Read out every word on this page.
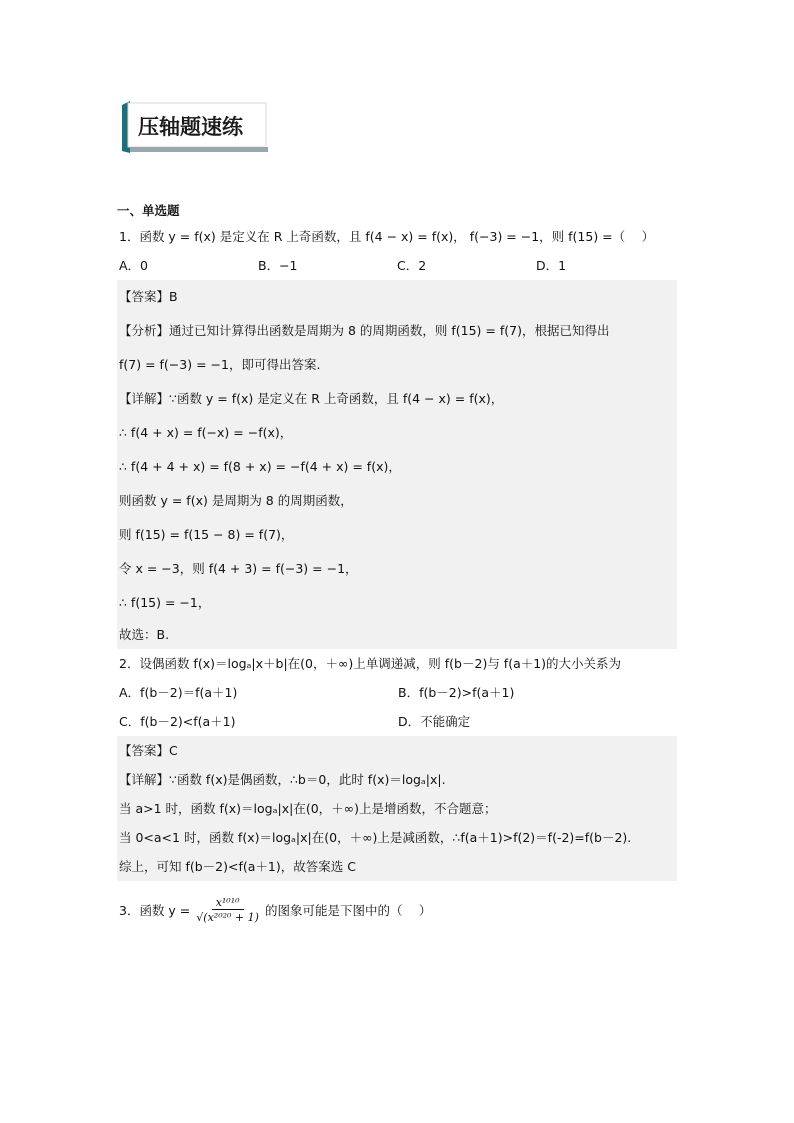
压轴题速练
一、单选题
1．函数 y = f(x) 是定义在 R 上奇函数，且 f(4 − x) = f(x)， f(−3) = −1，则 f(15) =（　 ）
A．0	B．−1	C．2	D．1
【答案】B
【分析】通过已知计算得出函数是周期为 8 的周期函数，则 f(15) = f(7)，根据已知得出
f(7) = f(−3) = −1，即可得出答案.
【详解】∵函数 y = f(x) 是定义在 R 上奇函数，且 f(4 − x) = f(x)，
∴ f(4 + x) = f(−x) = −f(x)，
∴ f(4 + 4 + x) = f(8 + x) = −f(4 + x) = f(x)，
则函数 y = f(x) 是周期为 8 的周期函数，
则 f(15) = f(15 − 8) = f(7)，
令 x = −3，则 f(4 + 3) = f(−3) = −1，
∴ f(15) = −1，
故选：B.
2．设偶函数 f(x)＝logₐ|x＋b|在(0，＋∞)上单调递减，则 f(b－2)与 f(a＋1)的大小关系为
A．f(b－2)＝f(a＋1)	B．f(b－2)>f(a＋1)
C．f(b－2)<f(a＋1)	D．不能确定
【答案】C
【详解】∵函数 f(x)是偶函数，∴b＝0，此时 f(x)＝logₐ|x|.
当 a>1 时，函数 f(x)＝logₐ|x|在(0，＋∞)上是增函数，不合题意；
当 0<a<1 时，函数 f(x)＝logₐ|x|在(0，＋∞)上是减函数，∴f(a＋1)>f(2)＝f(-2)=f(b－2).
综上，可知 f(b－2)<f(a＋1)，故答案选 C
3．函数 $y = \frac{\text{x¹⁰¹⁰}}{\text{√(x²⁰²⁰ + 1)}}$ 的图象可能是下图中的（　 ）
